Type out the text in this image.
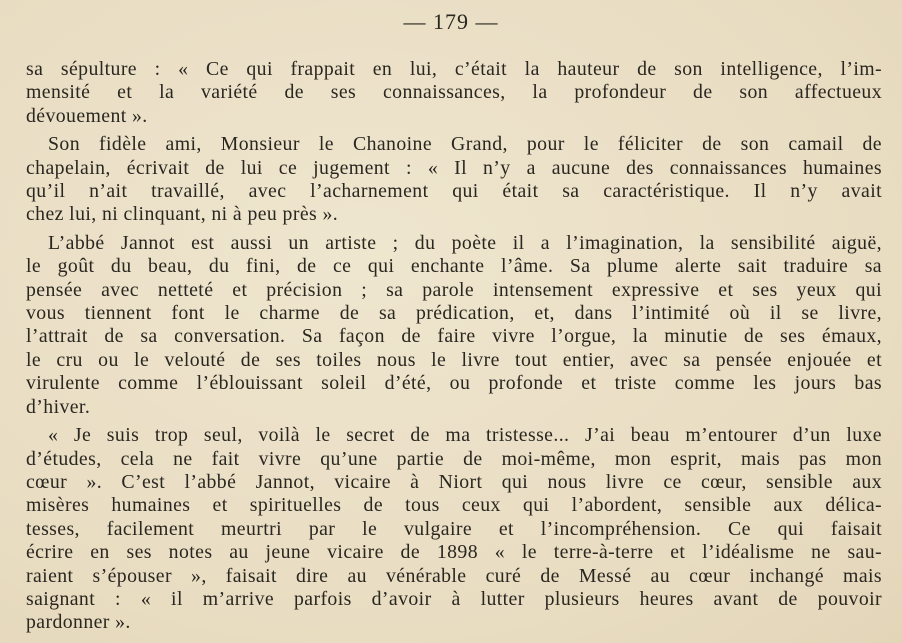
— 179 —
sa sépulture : « Ce qui frappait en lui, c’était la hauteur de son intelligence, l’im-
mensité et la variété de ses connaissances, la profondeur de son affectueux
dévouement ».
Son fidèle ami, Monsieur le Chanoine Grand, pour le féliciter de son camail de
chapelain, écrivait de lui ce jugement : « Il n’y a aucune des connaissances humaines
qu’il n’ait travaillé, avec l’acharnement qui était sa caractéristique. Il n’y avait
chez lui, ni clinquant, ni à peu près ».
L’abbé Jannot est aussi un artiste ; du poète il a l’imagination, la sensibilité aiguë,
le goût du beau, du fini, de ce qui enchante l’âme. Sa plume alerte sait traduire sa
pensée avec netteté et précision ; sa parole intensement expressive et ses yeux qui
vous tiennent font le charme de sa prédication, et, dans l’intimité où il se livre,
l’attrait de sa conversation. Sa façon de faire vivre l’orgue, la minutie de ses émaux,
le cru ou le velouté de ses toiles nous le livre tout entier, avec sa pensée enjouée et
virulente comme l’éblouissant soleil d’été, ou profonde et triste comme les jours bas
d’hiver.
« Je suis trop seul, voilà le secret de ma tristesse... J’ai beau m’entourer d’un luxe
d’études, cela ne fait vivre qu’une partie de moi-même, mon esprit, mais pas mon
cœur ». C’est l’abbé Jannot, vicaire à Niort qui nous livre ce cœur, sensible aux
misères humaines et spirituelles de tous ceux qui l’abordent, sensible aux délica-
tesses, facilement meurtri par le vulgaire et l’incompréhension. Ce qui faisait
écrire en ses notes au jeune vicaire de 1898 « le terre-à-terre et l’idéalisme ne sau-
raient s’épouser », faisait dire au vénérable curé de Messé au cœur inchangé mais
saignant : « il m’arrive parfois d’avoir à lutter plusieurs heures avant de pouvoir
pardonner ».
